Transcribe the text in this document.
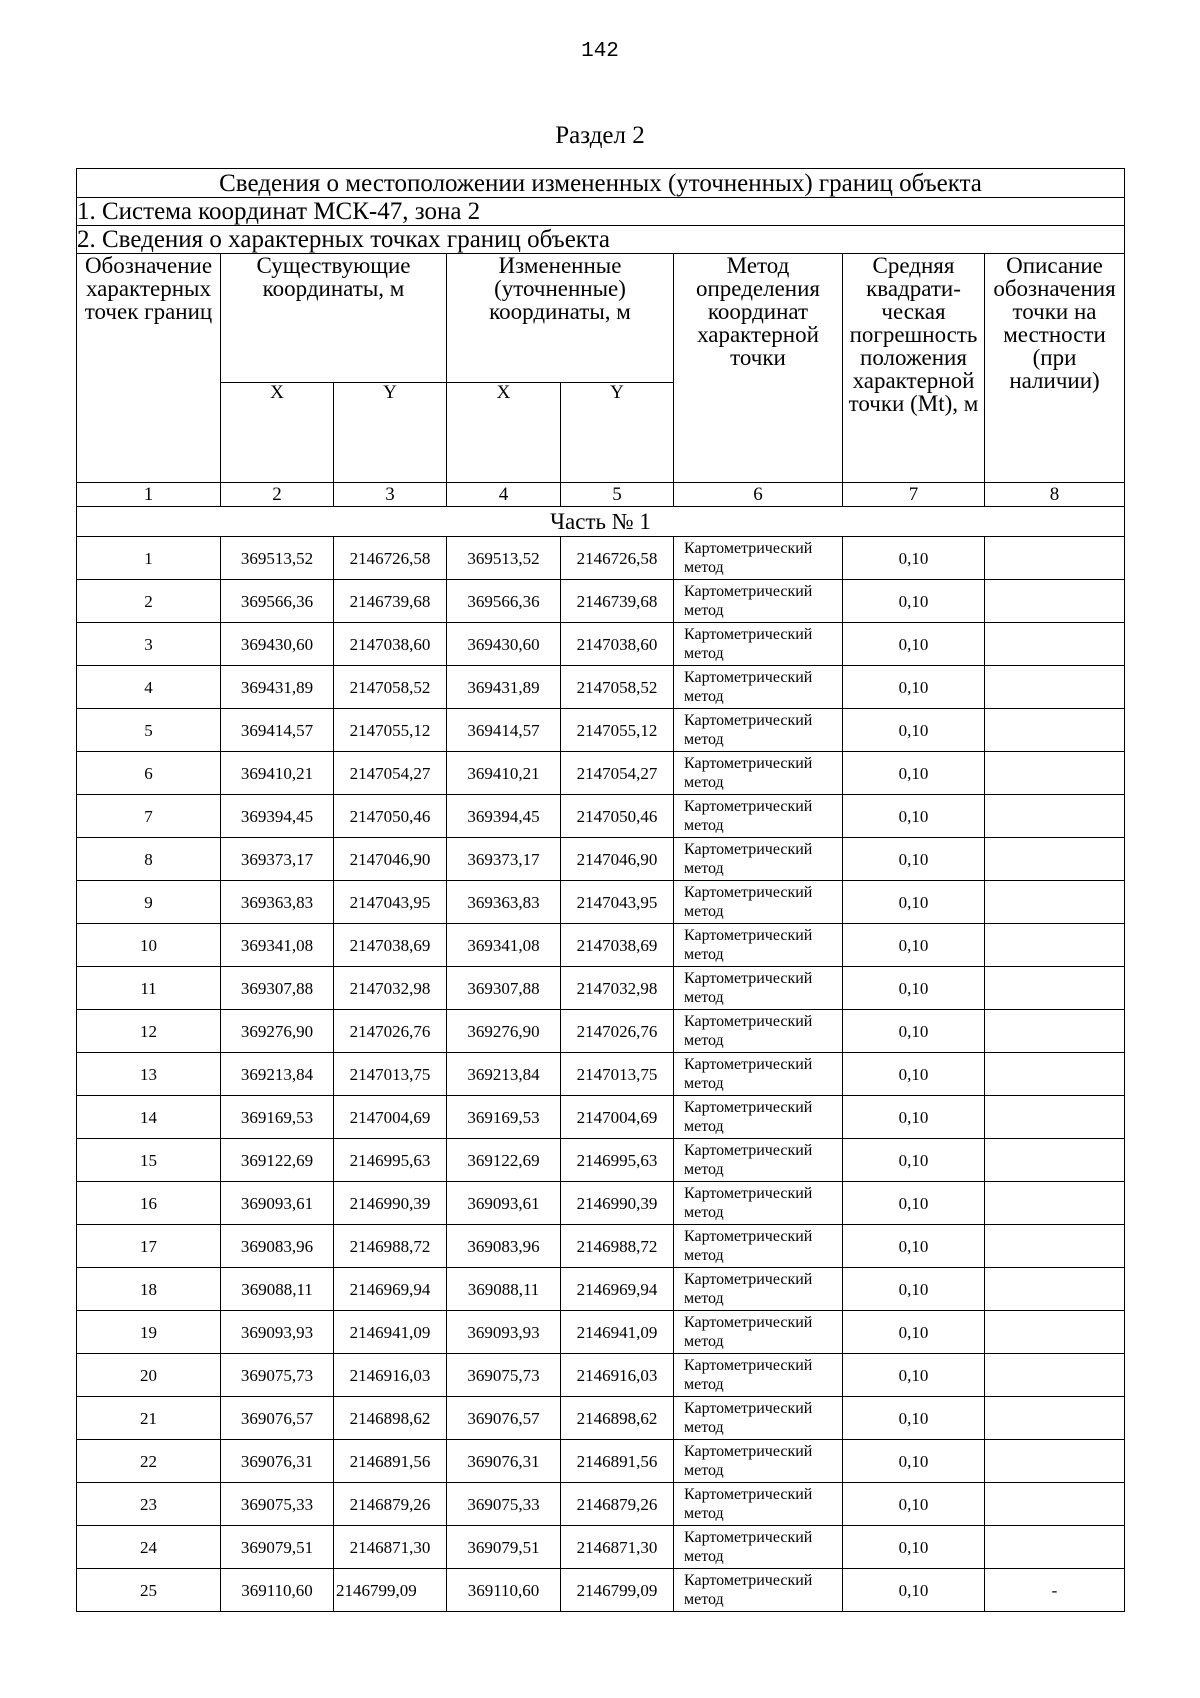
142
Раздел 2
Сведения о местоположении измененных (уточненных) границ объекта							
1. Система координат МСК-47, зона 2							
2. Сведения о характерных точках границ объекта							
Обозначение характерных точек границ	Существующие координаты, м		Измененные (уточненные) координаты, м		Метод определения координат характерной точки	Средняя квадрати- ческая погрешность положения характерной точки (Mt), м	Описание обозначения точки на местности (при наличии)
	X	Y	X	Y			
1	2	3	4	5	6	7	8
Часть № 1							
1	369513,52	2146726,58	369513,52	2146726,58	Картометрический метод	0,10	
2	369566,36	2146739,68	369566,36	2146739,68	Картометрический метод	0,10	
3	369430,60	2147038,60	369430,60	2147038,60	Картометрический метод	0,10	
4	369431,89	2147058,52	369431,89	2147058,52	Картометрический метод	0,10	
5	369414,57	2147055,12	369414,57	2147055,12	Картометрический метод	0,10	
6	369410,21	2147054,27	369410,21	2147054,27	Картометрический метод	0,10	
7	369394,45	2147050,46	369394,45	2147050,46	Картометрический метод	0,10	
8	369373,17	2147046,90	369373,17	2147046,90	Картометрический метод	0,10	
9	369363,83	2147043,95	369363,83	2147043,95	Картометрический метод	0,10	
10	369341,08	2147038,69	369341,08	2147038,69	Картометрический метод	0,10	
11	369307,88	2147032,98	369307,88	2147032,98	Картометрический метод	0,10	
12	369276,90	2147026,76	369276,90	2147026,76	Картометрический метод	0,10	
13	369213,84	2147013,75	369213,84	2147013,75	Картометрический метод	0,10	
14	369169,53	2147004,69	369169,53	2147004,69	Картометрический метод	0,10	
15	369122,69	2146995,63	369122,69	2146995,63	Картометрический метод	0,10	
16	369093,61	2146990,39	369093,61	2146990,39	Картометрический метод	0,10	
17	369083,96	2146988,72	369083,96	2146988,72	Картометрический метод	0,10	
18	369088,11	2146969,94	369088,11	2146969,94	Картометрический метод	0,10	
19	369093,93	2146941,09	369093,93	2146941,09	Картометрический метод	0,10	
20	369075,73	2146916,03	369075,73	2146916,03	Картометрический метод	0,10	
21	369076,57	2146898,62	369076,57	2146898,62	Картометрический метод	0,10	
22	369076,31	2146891,56	369076,31	2146891,56	Картометрический метод	0,10	
23	369075,33	2146879,26	369075,33	2146879,26	Картометрический метод	0,10	
24	369079,51	2146871,30	369079,51	2146871,30	Картометрический метод	0,10	
25	369110,60	2146799,09	369110,60	2146799,09	Картометрический метод	0,10	-
